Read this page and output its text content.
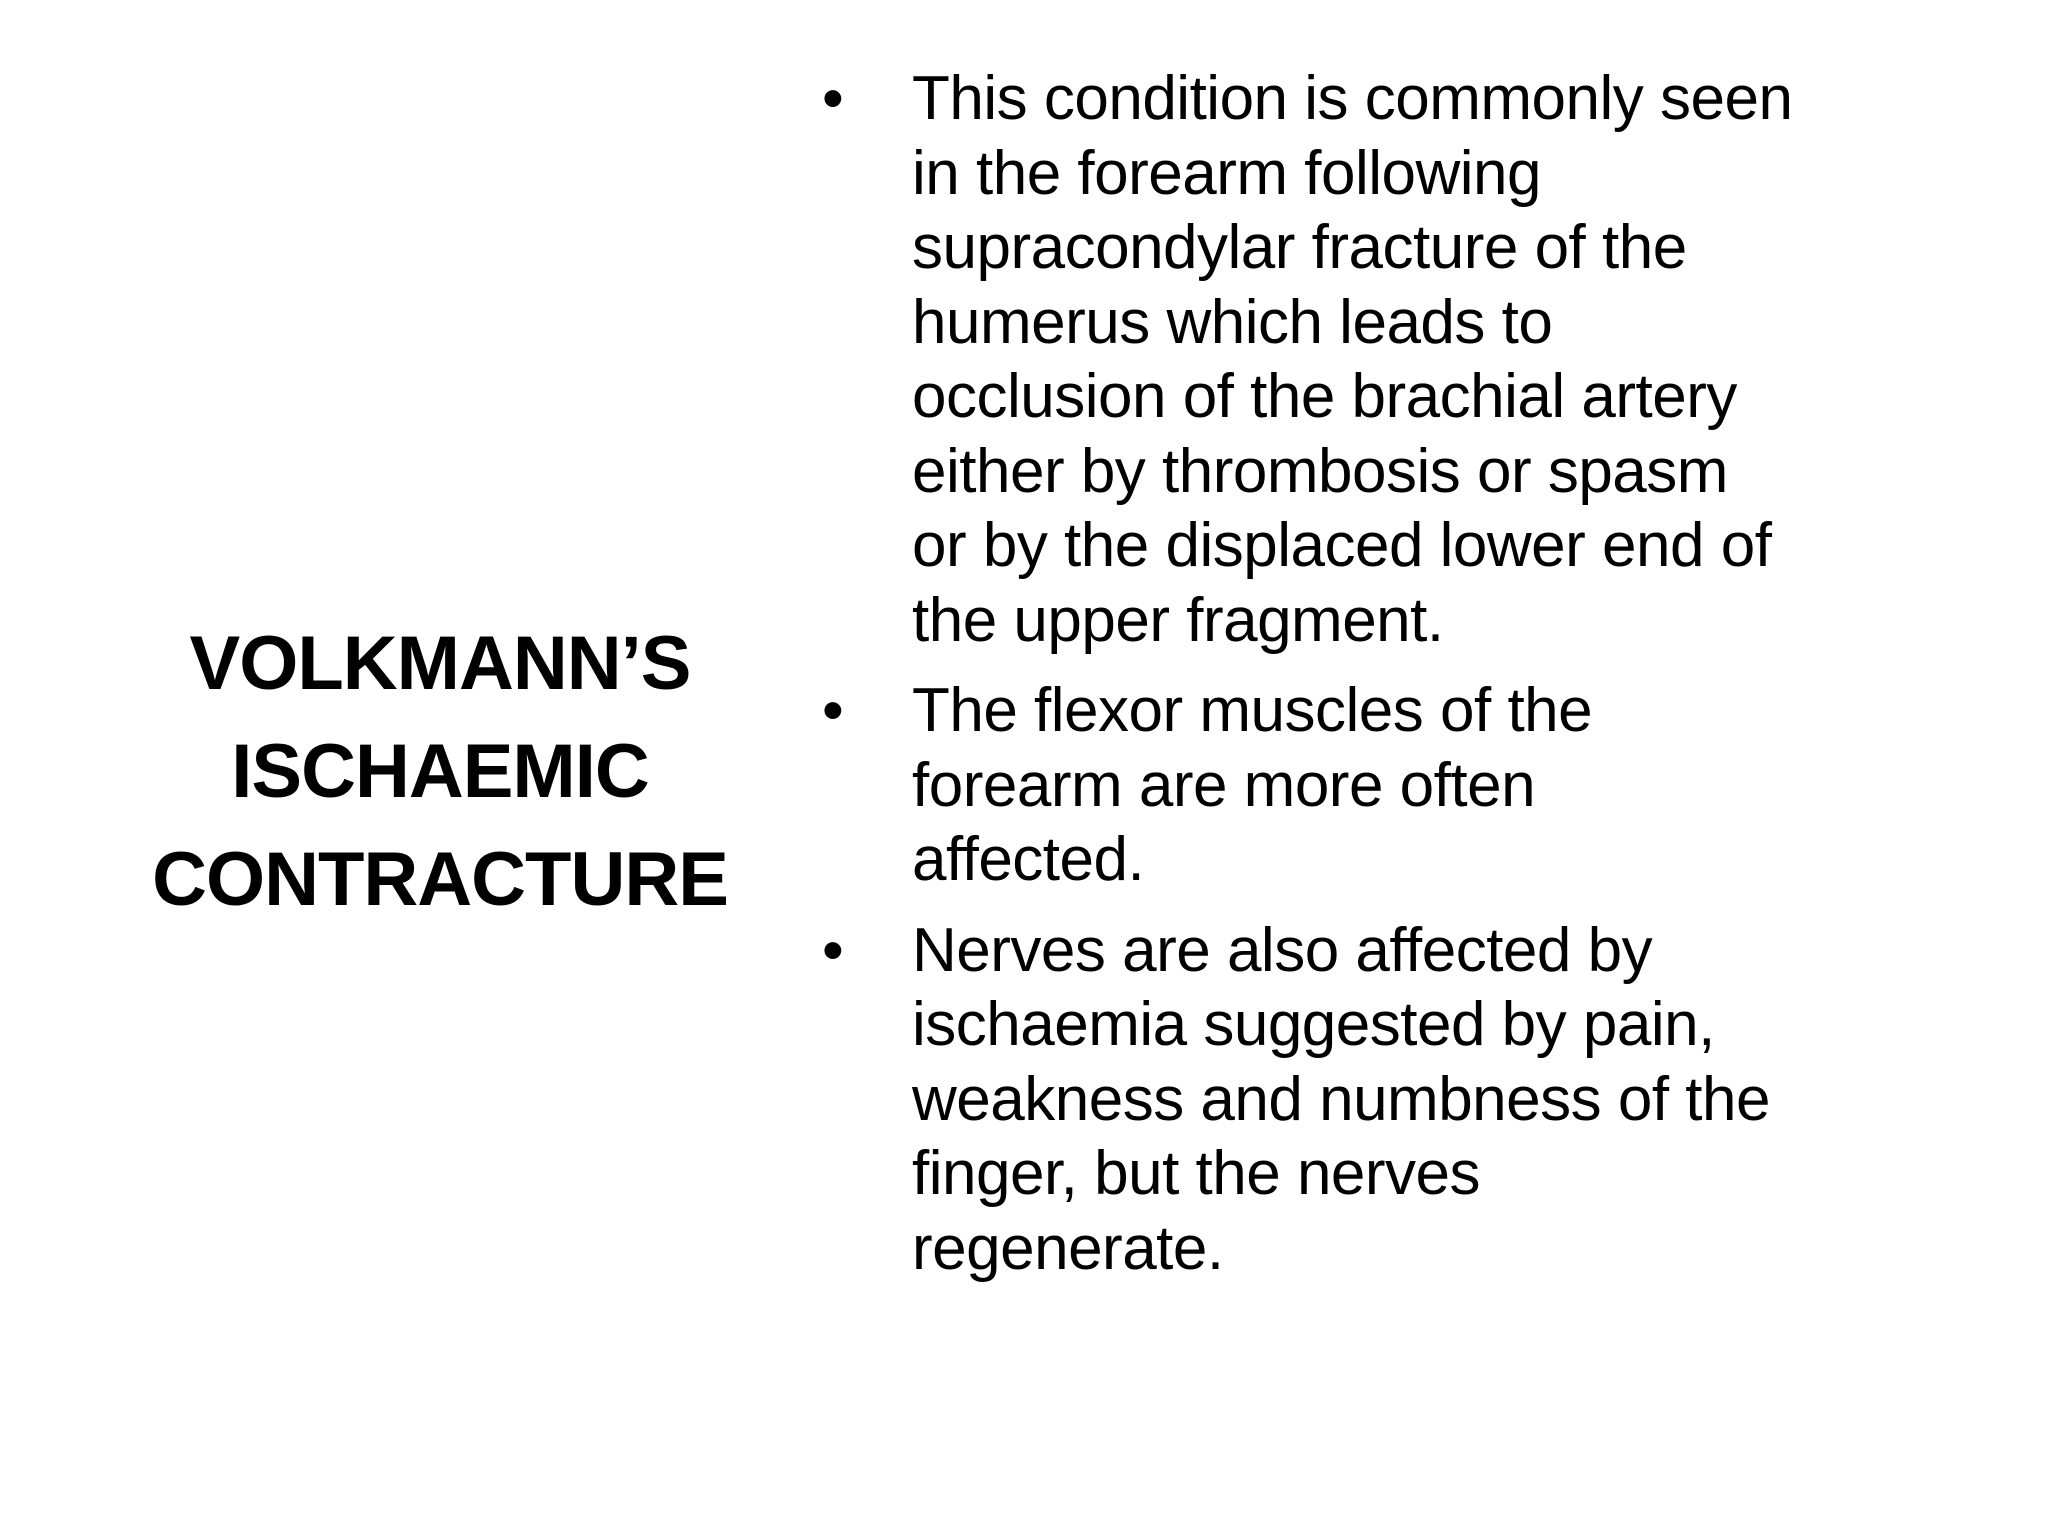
VOLKMANN’S
ISCHAEMIC
CONTRACTURE
• This condition is commonly seen
in the forearm following
supracondylar fracture of the
humerus which leads to
occlusion of the brachial artery
either by thrombosis or spasm
or by the displaced lower end of
the upper fragment.
• The flexor muscles of the
forearm are more often
affected.
• Nerves are also affected by
ischaemia suggested by pain,
weakness and numbness of the
finger, but the nerves
regenerate.
